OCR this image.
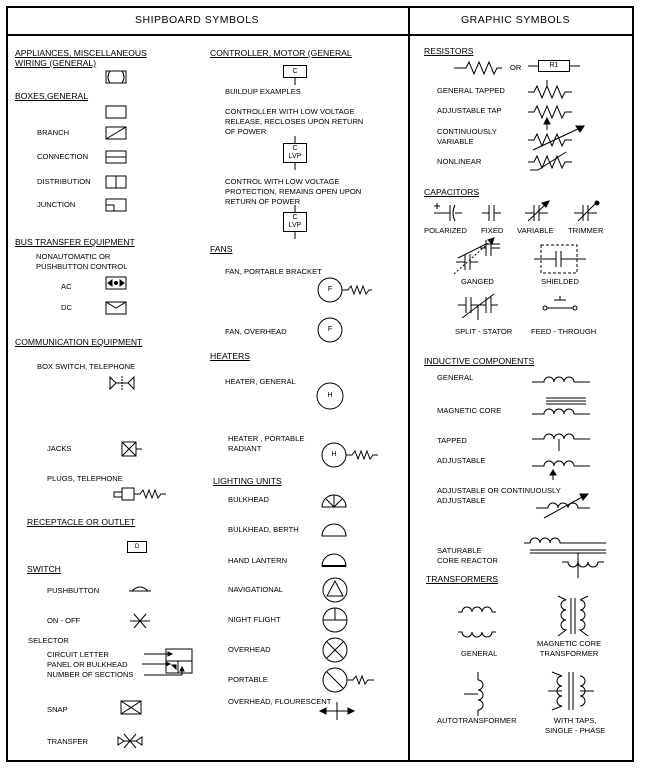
SHIPBOARD SYMBOLS	GRAPHIC SYMBOLS
APPLIANCES, MISCELLANEOUS
WIRING (GENERAL)
BOXES,GENERAL
BRANCH
CONNECTION
DISTRIBUTION
JUNCTION
BUS TRANSFER EQUIPMENT
NONAUTOMATIC OR
PUSHBUTTON CONTROL
AC
DC
COMMUNICATION EQUIPMENT
BOX SWITCH, TELEPHONE
JACKS
PLUGS, TELEPHONE
RECEPTACLE OR OUTLET
D
SWITCH
PUSHBUTTON
ON - OFF
SELECTOR
CIRCUIT LETTER
PANEL OR BULKHEAD
NUMBER OF SECTIONS
SNAP
TRANSFER
CONTROLLER, MOTOR (GENERAL
C
BUILDUP EXAMPLES
CONTROLLER WITH LOW VOLTAGE
RELEASE, RECLOSES UPON RETURN
OF POWER
C
LVP
CONTROL WITH LOW VOLTAGE
PROTECTION, REMAINS OPEN UPON
RETURN OF POWER
C
LVP
FANS
FAN, PORTABLE BRACKET
F
FAN, OVERHEAD	F
HEATERS
HEATER, GENERAL
H
HEATER , PORTABLE
RADIANT
H
LIGHTING UNITS
BULKHEAD
BULKHEAD, BERTH
HAND LANTERN
NAVIGATIONAL
NIGHT FLIGHT
OVERHEAD
PORTABLE
OVERHEAD, FLOURESCENT
RESISTORS
OR	R1
GENERAL TAPPED
ADJUSTABLE TAP
CONTINUOUSLY
VARIABLE
NONLINEAR
CAPACITORS
POLARIZED FIXED VARIABLE TRIMMER
GANGED	SHIELDED
SPLIT - STATOR FEED - THROUGH
INDUCTIVE COMPONENTS
GENERAL
MAGNETIC CORE
TAPPED
ADJUSTABLE
ADJUSTABLE OR CONTINUOUSLY
ADJUSTABLE
SATURABLE
CORE REACTOR
TRANSFORMERS
GENERAL
MAGNETIC CORE
TRANSFORMER
AUTOTRANSFORMER	WITH TAPS,
SINGLE - PHASE
